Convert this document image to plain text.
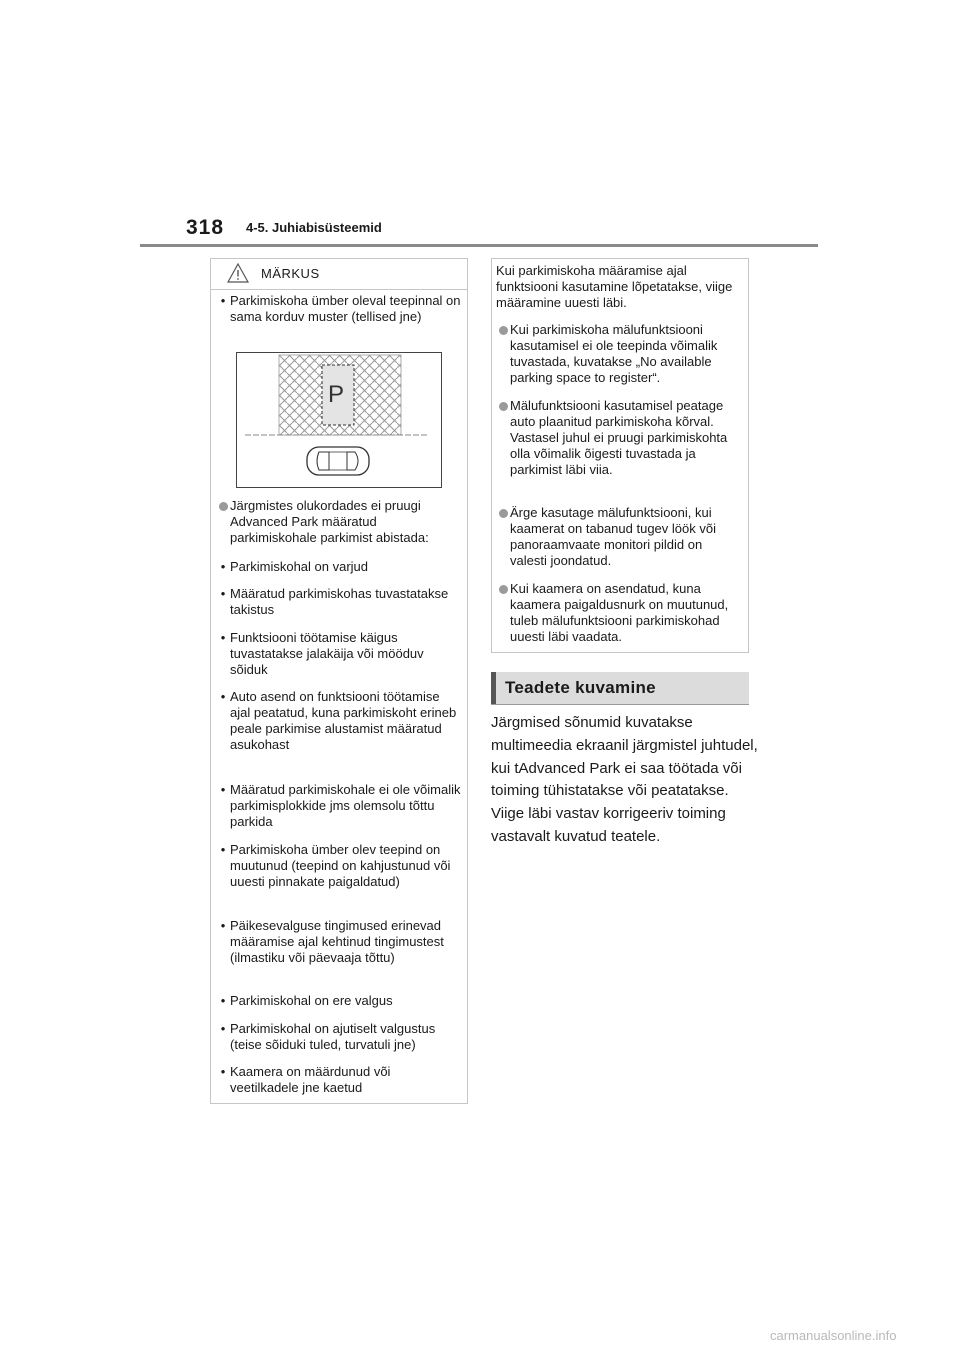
318 4-5. Juhiabisüsteemid
MÄRKUS
• Parkimiskoha ümber oleval teepinnal on sama korduv muster (tellised jne)
P
Järgmistes olukordades ei pruugi Advanced Park määratud parkimiskohale parkimist abistada:
• Parkimiskohal on varjud
• Määratud parkimiskohas tuvastatakse takistus
• Funktsiooni töötamise käigus tuvastatakse jalakäija või mööduv sõiduk
• Auto asend on funktsiooni töötamise ajal peatatud, kuna parkimiskoht erineb peale parkimise alustamist määratud asukohast
• Määratud parkimiskohale ei ole võimalik parkimisplokkide jms olemsolu tõttu parkida
• Parkimiskoha ümber olev teepind on muutunud (teepind on kahjustunud või uuesti pinnakate paigaldatud)
• Päikesevalguse tingimused erinevad määramise ajal kehtinud tingimustest (ilmastiku või päevaaja tõttu)
• Parkimiskohal on ere valgus
• Parkimiskohal on ajutiselt valgustus (teise sõiduki tuled, turvatuli jne)
• Kaamera on määrdunud või veetilkadele jne kaetud
Kui parkimiskoha määramise ajal funktsiooni kasutamine lõpetatakse, viige määramine uuesti läbi.
Kui parkimiskoha mälufunktsiooni kasutamisel ei ole teepinda võimalik tuvastada, kuvatakse „No available parking space to register“.
Mälufunktsiooni kasutamisel peatage auto plaanitud parkimiskoha kõrval. Vastasel juhul ei pruugi parkimiskohta olla võimalik õigesti tuvastada ja parkimist läbi viia.
Ärge kasutage mälufunktsiooni, kui kaamerat on tabanud tugev löök või panoraamvaate monitori pildid on valesti joondatud.
Kui kaamera on asendatud, kuna kaamera paigaldusnurk on muutunud, tuleb mälufunktsiooni parkimiskohad uuesti läbi vaadata.
Teadete kuvamine
Järgmised sõnumid kuvatakse multimeedia ekraanil järgmistel juhtudel, kui tAdvanced Park ei saa töötada või toiming tühistatakse või peatatakse. Viige läbi vastav korrigeeriv toiming vastavalt kuvatud teatele.
carmanualsonline.info
